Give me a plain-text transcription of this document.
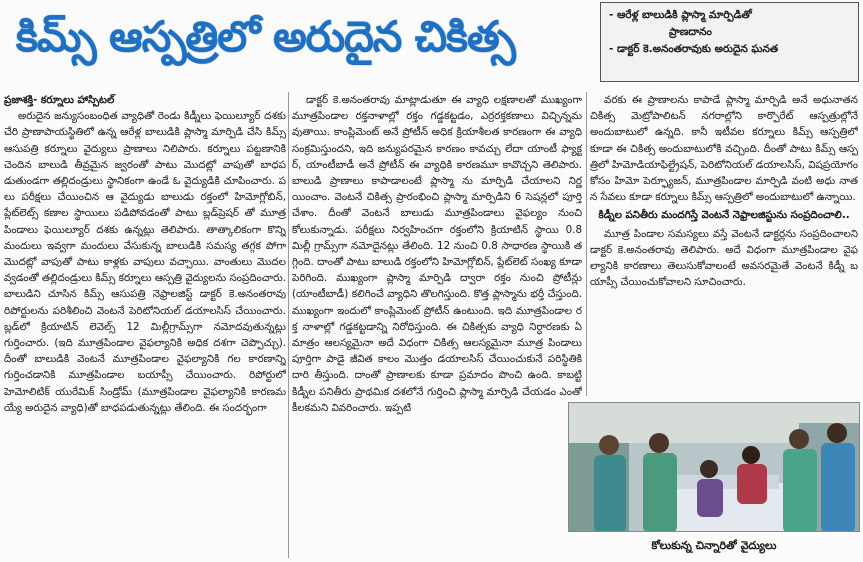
కిమ్స్ ఆస్పత్రిలో అరుదైన చికిత్స	- ఆరేళ్ల బాలుడికి ప్లాస్మా మార్పిడితో
ప్రాణదానం
- డాక్టర్ కె.అనంతరావుకు అరుదైన ఘనత

ప్రజాశక్తి- కర్నూలు హాస్పిటల్

అరుదైన జన్యుసంబంధిత వ్యాధితో రెండు కిడ్నీలు ఫెయిల్యూర్ దశకు చేరి ప్రాణాపాయస్థితిలో ఉన్న ఆరేళ్ల బాలుడికి ప్లాస్మా మార్పిడి చేసి కిమ్స్ ఆసుపత్రి కర్నూలు వైద్యులు ప్రాణాలు నిలిపారు. కర్నూలు పట్టణానికి చెందిన బాలుడి తీవ్రమైన జ్వరంతో పాటు మొదట్లో వాపుతో బాధపడుతుండగా తల్లిదండ్రులు స్థానికంగా ఉండే ఓ వైద్యుడికి చూపించారు. పలు పరీక్షలు చేయించిన ఆ వైద్యుడు బాలుడు రక్తంలో హిమోగ్లోబిన్, ప్లేట్‌లెట్స్ కణాల స్థాయిలు పడిపోవడంతో పాటు బ్లడ్‌ప్రెషర్ తో మూత్రపిండాలు ఫెయిల్యూర్ దశకు ఉన్నట్లు తెలిపారు. తాత్కాలికంగా కొన్ని మందులు ఇవ్వగా మందులు వేసుకున్న బాలుడికి సమస్య తగ్గక పోగా మొదట్లో వాపుతో పాటు కాళ్లకు వాపులు వచ్చాయి. వాంతులు మొదలవ్వడంతో తల్లిదండ్రులు కిమ్స్ కర్నూలు ఆస్పత్రి వైద్యులను సంప్రదించారు. బాలుడిని చూసిన కిమ్స్ ఆసుపత్రి నెఫ్రాలజిస్ట్ డాక్టర్ కె.అనంతరావు రిపోర్టులను పరిశీలించి వెంటనే పెరిటోనియల్ డయాలసిస్ చేయించారు. బ్లడ్‌లో క్రియాటిన్ లెవెల్స్ 12 మిల్లీగ్రామ్స్‌గా నమోదవుతున్నట్లు గుర్తించారు. (ఇది మూత్రపిండాల వైఫల్యానికి అధిక దశగా చెప్పొచ్చు). దీంతో బాలుడికి వెంటనే మూత్రపిండాల వైఫల్యానికి గల కారణాన్ని గుర్తించడానికి మూత్రపిండాల బయాప్సీ చేయించారు. రిపోర్టులో హెమోలిటిక్ యురేమిక్ సిండ్రోమ్ (మూత్రపిండాల వైఫల్యానికి కారణమయ్యే అరుదైన వ్యాధి)తో బాధపడుతున్నట్లు తేలింది. ఈ సందర్భంగా

డాక్టర్ కె.అనంతరావు మాట్లాడుతూ ఈ వ్యాధి లక్షణాలతో ముఖ్యంగా మూత్రపిండాల రక్తనాళాల్లో రక్తం గడ్డకట్టడం, ఎర్రరక్తకణాలు విచ్ఛిన్నమవుతాయి. కాంప్లిమెంట్ అనే ప్రోటీన్ అధిక క్రియాశీలత కారణంగా ఈ వ్యాధి సంక్రమిస్తుందని, ఇది జన్యుపరమైన కారణం కావచ్చు లేదా యాంటీ ఫ్యాక్టర్, యాంటీబాడీ అనే ప్రోటీన్ ఈ వ్యాధికి కారణమూ కావొచ్చని తెలిపారు. బాలుడి ప్రాణాలు కాపాడాలంటే ప్లాస్మా ను మార్పిడి చేయాలని నిర్ణయించాం. వెంటనే చికిత్స ప్రారంభించి ప్లాస్మా మార్పిడిని 6 సెషన్లలో పూర్తి చేశాం. దీంతో వెంటనే బాలుడు మూత్రపిండాలు వైఫల్యం నుంచి కోలుకున్నాడు. పరీక్షలు నిర్వహించగా రక్తంలోని క్రియాటిన్ స్థాయి 0.8 మిల్లీ గ్రామ్స్‌గా నమోదైనట్లు తేలింది. 12 నుంచి 0.8 సాధారణ స్థాయికి తగ్గింది. దాంతో పాటు బాలుడి రక్తంలోని హిమోగ్లోబిన్, ప్లేట్‌లెట్ సంఖ్య కూడా పెరిగింది. ముఖ్యంగా ప్లాస్మా మార్పిడి ద్వారా రక్తం నుంచి ప్రోటీన్లు (యాంటీబాడీ) కలిగించే వ్యాధిని తొలగిస్తుంది. కొత్త ప్లాస్మాను భర్తీ చేస్తుంది. ముఖ్యంగా ఇందులో కాంప్లిమెంట్ ప్రోటీన్ ఉంటుంది. ఇది మూత్రపిండాల రక్త నాళాల్లో గడ్డకట్టడాన్ని నిరోధిస్తుంది. ఈ చికిత్సకు వ్యాధి నిర్ధారణకు ఏమాత్రం ఆలస్యమైనా అదే విధంగా చికిత్స ఆలస్యమైనా మూత్ర పిండాలు పూర్తిగా పాడై జీవిత కాలం మొత్తం డయాలసిస్ చేయించుకునే పరిస్థితికి దారి తీస్తుంది. దాంతో ప్రాణాలకు కూడా ప్రమాదం పొంచి ఉంది. కాబట్టి కిడ్నీల పనితీరు ప్రాథమిక దశలోనే గుర్తించి ప్లాస్మా మార్పిడి చేయడం ఎంతో కీలకమని వివరించారు. ఇప్పటి

వరకు ఈ ప్రాణాలను కాపాడే ప్లాస్మా మార్పిడి అనే అధునాతన చికిత్స మెట్రోపాలిటన్ నగరాల్లోని కార్పొరేట్ ఆస్పత్రుల్లోనే అందుబాటులో ఉన్నది. కానీ ఇటీవల కర్నూలు కిమ్స్ ఆస్పత్రిలో కూడా ఈ చికిత్స అందుబాటులోకి వచ్చింది. దీంతో పాటు కిమ్స్ ఆస్పత్రిలో హిమోడియాఫిల్ట్రేషన్, పెరిటోనియల్ డయాలసిస్, విషప్రయోగం కోసం హిమో పెర్ఫ్యూజన్, మూత్రపిండాల మార్పిడి వంటి అధు నాతన సేవలు కూడా కర్నూలు కిమ్స్ ఆస్పత్రిలో అందుబాటులో ఉన్నాయి.

కిడ్నీల పనితీరు మందగిస్తే వెంటనే నెఫ్రాలజిస్టును సంప్రదించాలి..

మూత్ర పిండాల సమస్యలు వస్తే వెంటనే డాక్టర్లను సంప్రదించాలని డాక్టర్ కె.అనంతరావు తెలిపారు. అదే విధంగా మూత్రపిండాల వైఫల్యానికి కారణాలు తెలుసుకోవాలంటే అవసరమైతే వెంటనే కిడ్నీ బయాప్సీ చేయించుకోవాలని సూచించారు.

కోలుకున్న చిన్నారితో వైద్యులు
